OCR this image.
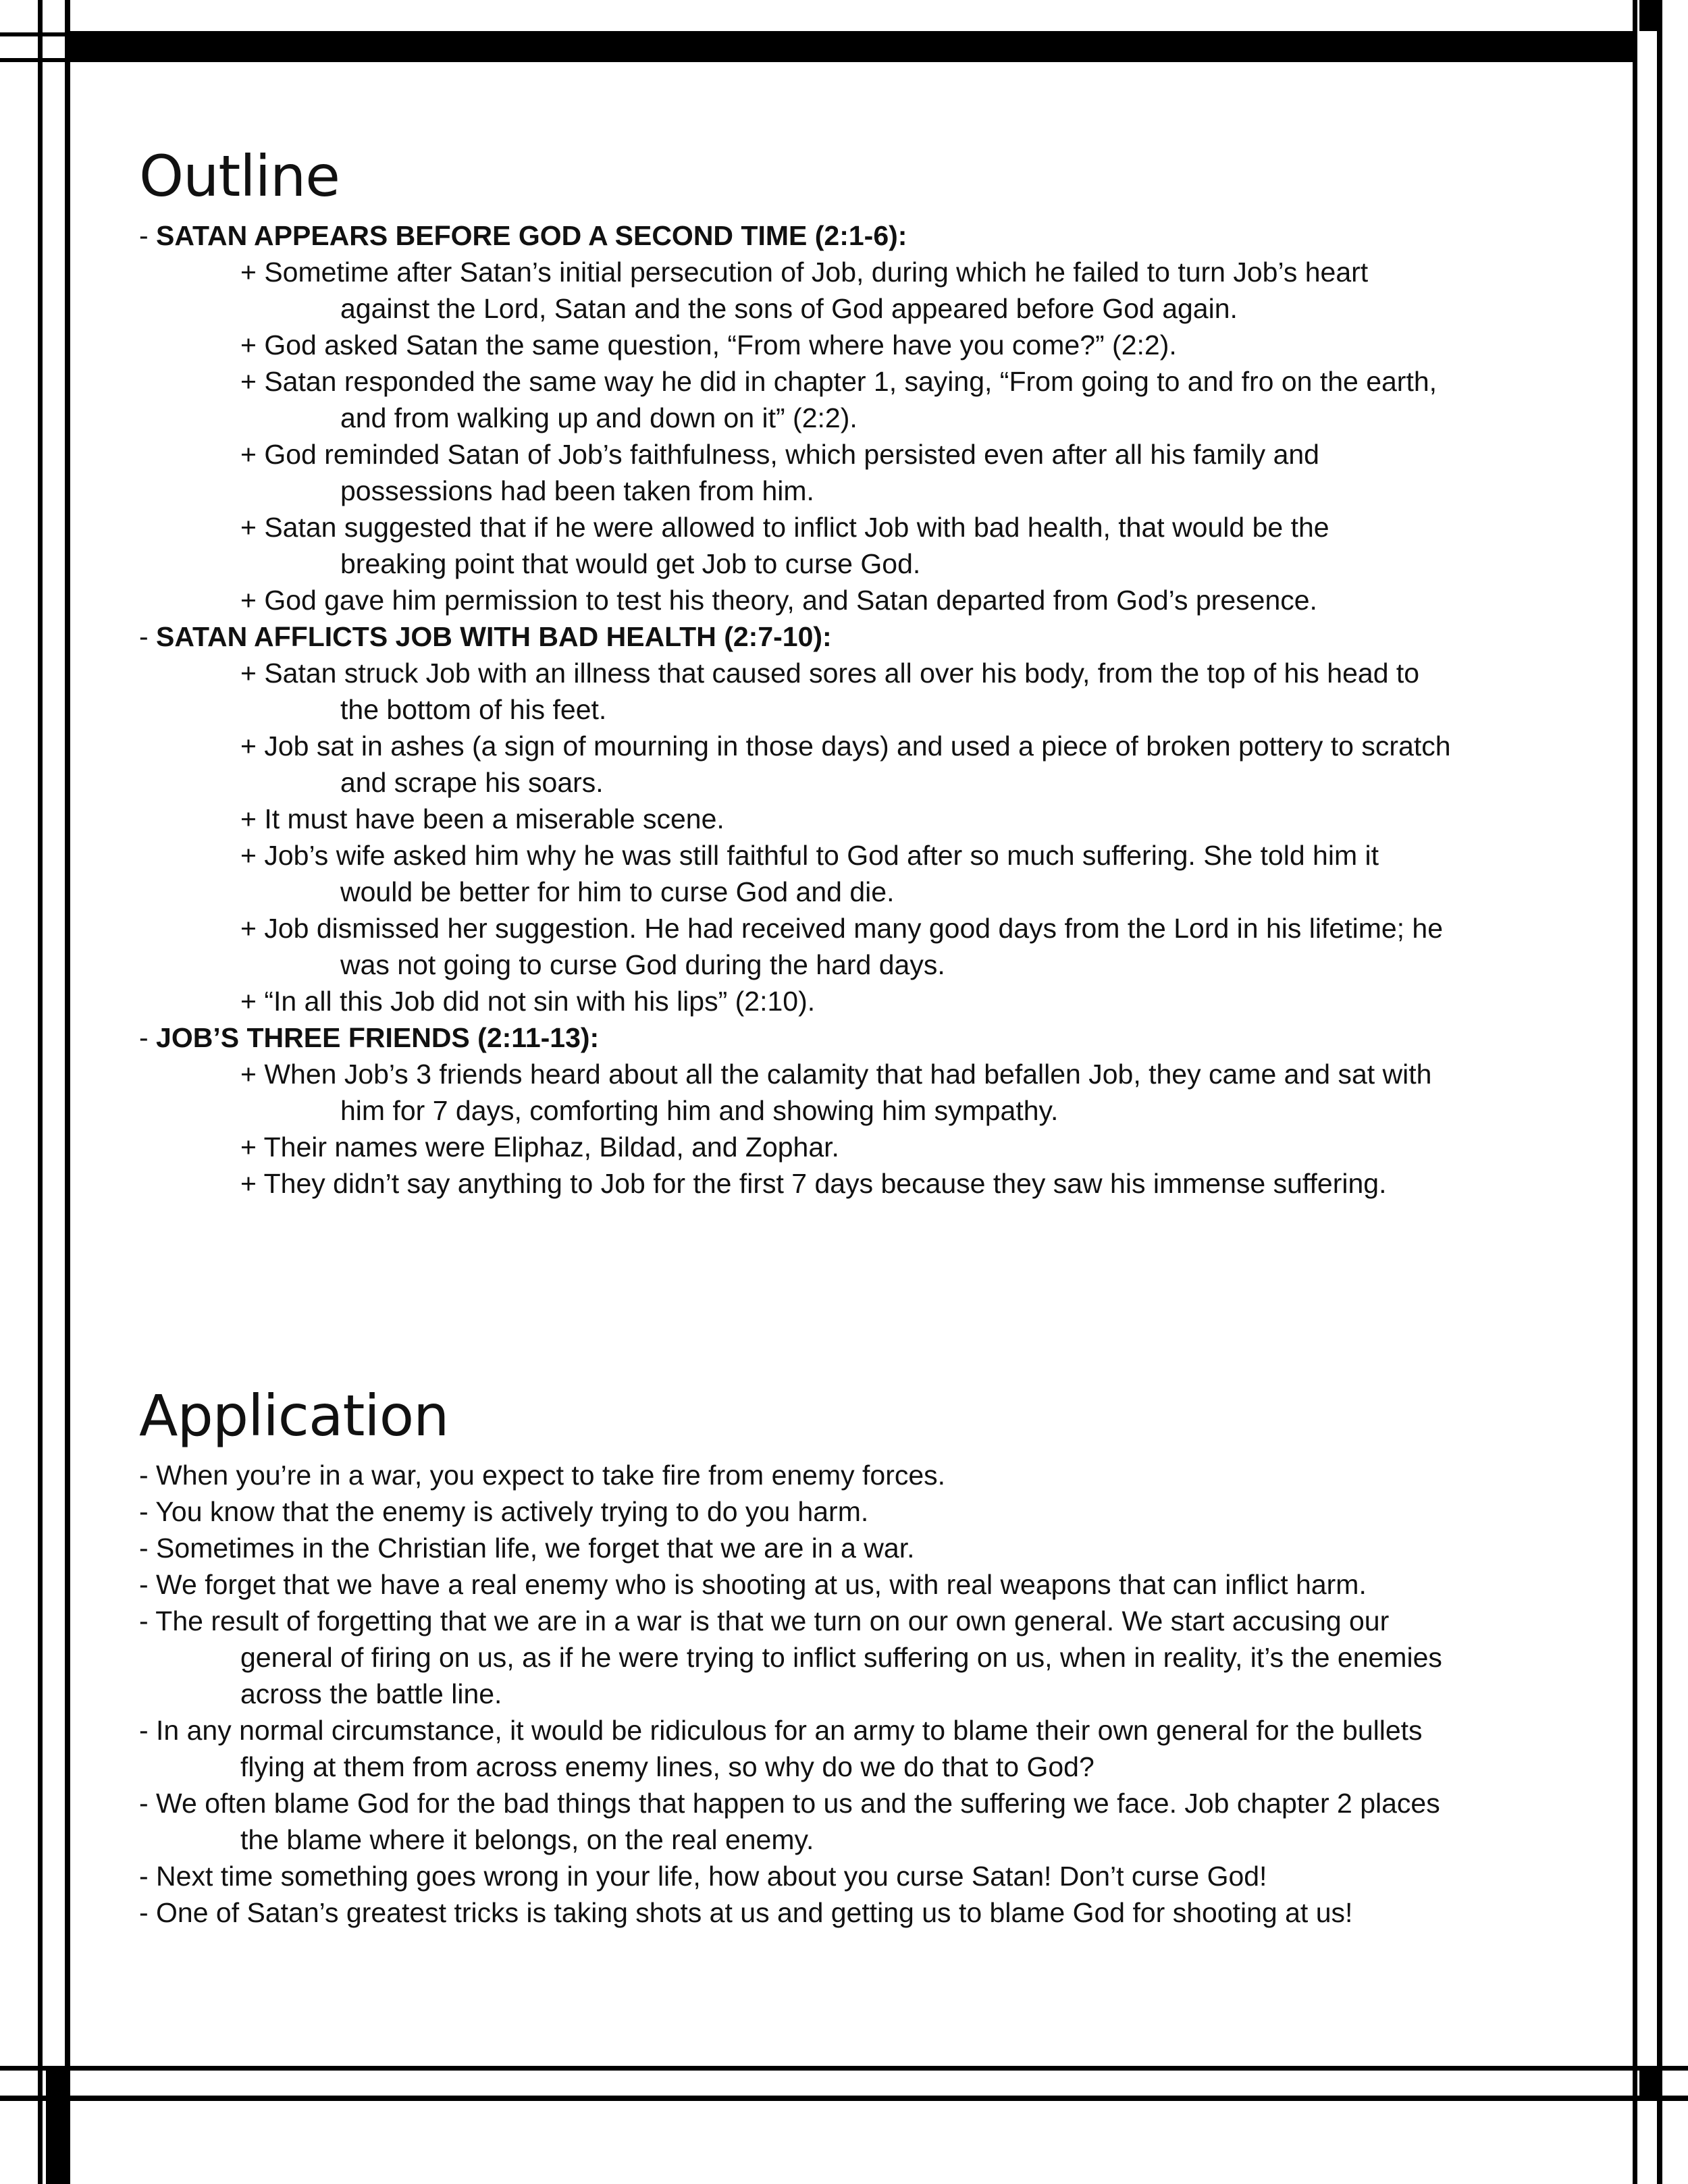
Outline
- SATAN APPEARS BEFORE GOD A SECOND TIME (2:1-6):
+ Sometime after Satan’s initial persecution of Job, during which he failed to turn Job’s heart
against the Lord, Satan and the sons of God appeared before God again.
+ God asked Satan the same question, “From where have you come?” (2:2).
+ Satan responded the same way he did in chapter 1, saying, “From going to and fro on the earth,
and from walking up and down on it” (2:2).
+ God reminded Satan of Job’s faithfulness, which persisted even after all his family and
possessions had been taken from him.
+ Satan suggested that if he were allowed to inflict Job with bad health, that would be the
breaking point that would get Job to curse God.
+ God gave him permission to test his theory, and Satan departed from God’s presence.
- SATAN AFFLICTS JOB WITH BAD HEALTH (2:7-10):
+ Satan struck Job with an illness that caused sores all over his body, from the top of his head to
the bottom of his feet.
+ Job sat in ashes (a sign of mourning in those days) and used a piece of broken pottery to scratch
and scrape his soars.
+ It must have been a miserable scene.
+ Job’s wife asked him why he was still faithful to God after so much suffering. She told him it
would be better for him to curse God and die.
+ Job dismissed her suggestion. He had received many good days from the Lord in his lifetime; he
was not going to curse God during the hard days.
+ “In all this Job did not sin with his lips” (2:10).
- JOB’S THREE FRIENDS (2:11-13):
+ When Job’s 3 friends heard about all the calamity that had befallen Job, they came and sat with
him for 7 days, comforting him and showing him sympathy.
+ Their names were Eliphaz, Bildad, and Zophar.
+ They didn’t say anything to Job for the first 7 days because they saw his immense suffering.
Application
- When you’re in a war, you expect to take fire from enemy forces.
- You know that the enemy is actively trying to do you harm.
- Sometimes in the Christian life, we forget that we are in a war.
- We forget that we have a real enemy who is shooting at us, with real weapons that can inflict harm.
- The result of forgetting that we are in a war is that we turn on our own general. We start accusing our
general of firing on us, as if he were trying to inflict suffering on us, when in reality, it’s the enemies
across the battle line.
- In any normal circumstance, it would be ridiculous for an army to blame their own general for the bullets
flying at them from across enemy lines, so why do we do that to God?
- We often blame God for the bad things that happen to us and the suffering we face. Job chapter 2 places
the blame where it belongs, on the real enemy.
- Next time something goes wrong in your life, how about you curse Satan! Don’t curse God!
- One of Satan’s greatest tricks is taking shots at us and getting us to blame God for shooting at us!
